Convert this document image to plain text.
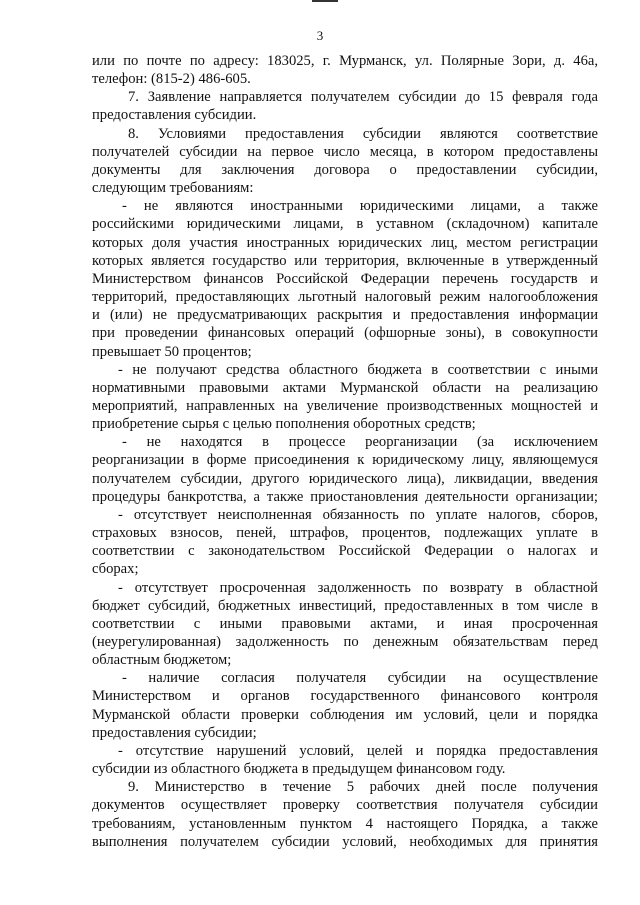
3

или по почте по адресу: 183025, г. Мурманск, ул. Полярные Зори, д. 46а,

телефон: (815-2) 486-605.

7. Заявление направляется получателем субсидии до 15 февраля года

предоставления субсидии.

8. Условиями предоставления субсидии являются соответствие

получателей субсидии на первое число месяца, в котором предоставлены

документы для заключения договора о предоставлении субсидии,

следующим требованиям:

- не являются иностранными юридическими лицами, а также

российскими юридическими лицами, в уставном (складочном) капитале

которых доля участия иностранных юридических лиц, местом регистрации

которых является государство или территория, включенные в утвержденный

Министерством финансов Российской Федерации перечень государств и

территорий, предоставляющих льготный налоговый режим налогообложения

и (или) не предусматривающих раскрытия и предоставления информации

при проведении финансовых операций (офшорные зоны), в совокупности

превышает 50 процентов;

- не получают средства областного бюджета в соответствии с иными

нормативными правовыми актами Мурманской области на реализацию

мероприятий, направленных на увеличение производственных мощностей и

приобретение сырья с целью пополнения оборотных средств;

- не находятся в процессе реорганизации (за исключением

реорганизации в форме присоединения к юридическому лицу, являющемуся

получателем субсидии, другого юридического лица), ликвидации, введения

процедуры банкротства, а также приостановления деятельности организации;

- отсутствует неисполненная обязанность по уплате налогов, сборов,

страховых взносов, пеней, штрафов, процентов, подлежащих уплате в

соответствии с законодательством Российской Федерации о налогах и

сборах;

- отсутствует просроченная задолженность по возврату в областной

бюджет субсидий, бюджетных инвестиций, предоставленных в том числе в

соответствии с иными правовыми актами, и иная просроченная

(неурегулированная) задолженность по денежным обязательствам перед

областным бюджетом;

- наличие согласия получателя субсидии на осуществление

Министерством и органов государственного финансового контроля

Мурманской области проверки соблюдения им условий, цели и порядка

предоставления субсидии;

- отсутствие нарушений условий, целей и порядка предоставления

субсидии из областного бюджета в предыдущем финансовом году.

9. Министерство в течение 5 рабочих дней после получения

документов осуществляет проверку соответствия получателя субсидии

требованиям, установленным пунктом 4 настоящего Порядка, а также

выполнения получателем субсидии условий, необходимых для принятия
